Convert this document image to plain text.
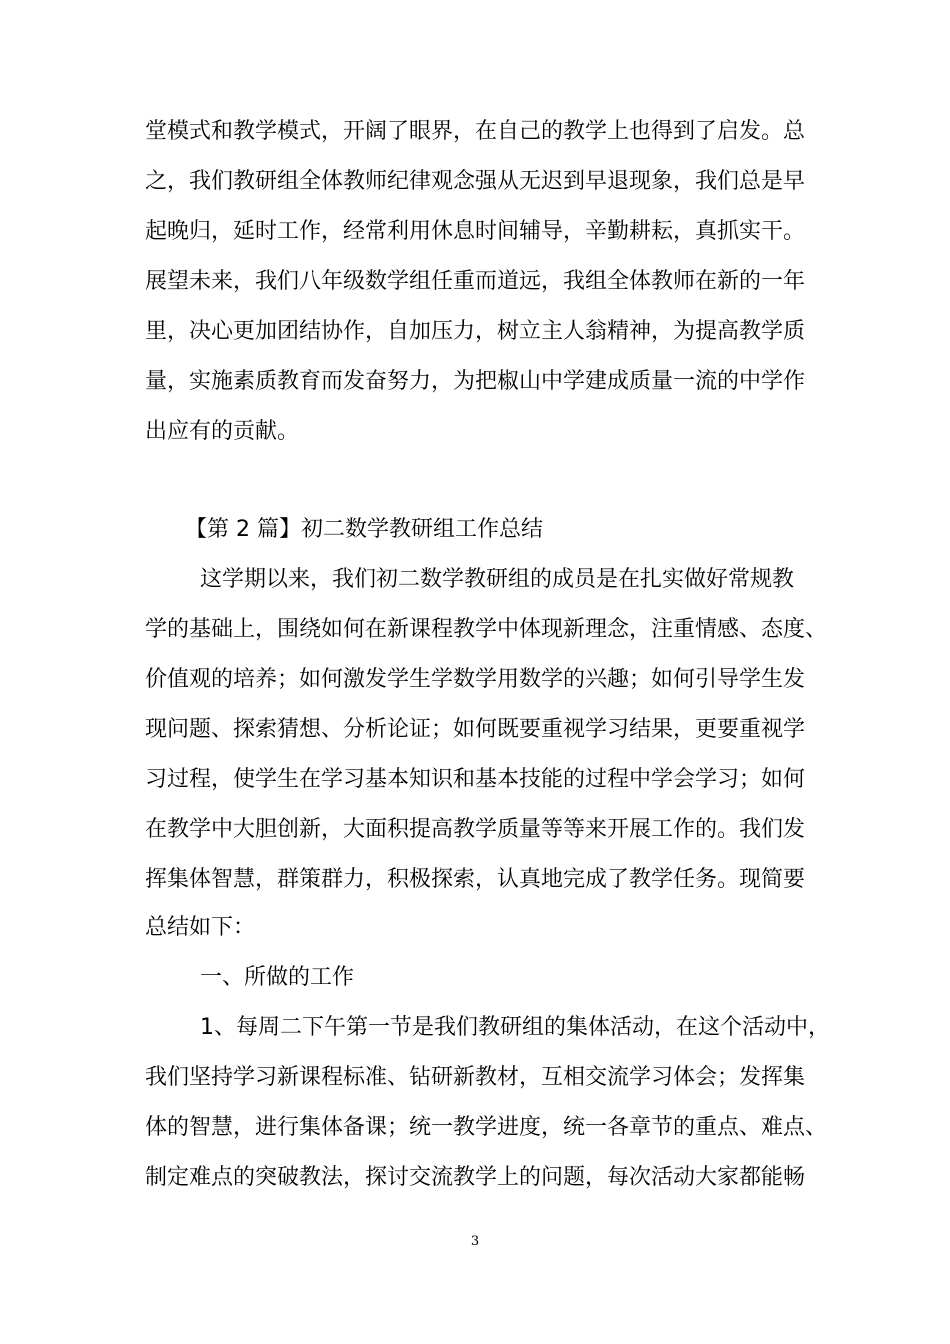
堂模式和教学模式，开阔了眼界，在自己的教学上也得到了启发。总
之，我们教研组全体教师纪律观念强从无迟到早退现象，我们总是早
起晚归，延时工作，经常利用休息时间辅导，辛勤耕耘，真抓实干。
展望未来，我们八年级数学组任重而道远，我组全体教师在新的一年
里，决心更加团结协作，自加压力，树立主人翁精神，为提高教学质
量，实施素质教育而发奋努力，为把椒山中学建成质量一流的中学作
出应有的贡献。
【第 2 篇】初二数学教研组工作总结
这学期以来，我们初二数学教研组的成员是在扎实做好常规教
学的基础上，围绕如何在新课程教学中体现新理念，注重情感、态度、
价值观的培养；如何激发学生学数学用数学的兴趣；如何引导学生发
现问题、探索猜想、分析论证；如何既要重视学习结果，更要重视学
习过程，使学生在学习基本知识和基本技能的过程中学会学习；如何
在教学中大胆创新，大面积提高教学质量等等来开展工作的。我们发
挥集体智慧，群策群力，积极探索，认真地完成了教学任务。现简要
总结如下：
一、所做的工作
1、每周二下午第一节是我们教研组的集体活动，在这个活动中，
我们坚持学习新课程标准、钻研新教材，互相交流学习体会；发挥集
体的智慧，进行集体备课；统一教学进度，统一各章节的重点、难点、
制定难点的突破教法，探讨交流教学上的问题，每次活动大家都能畅
3
